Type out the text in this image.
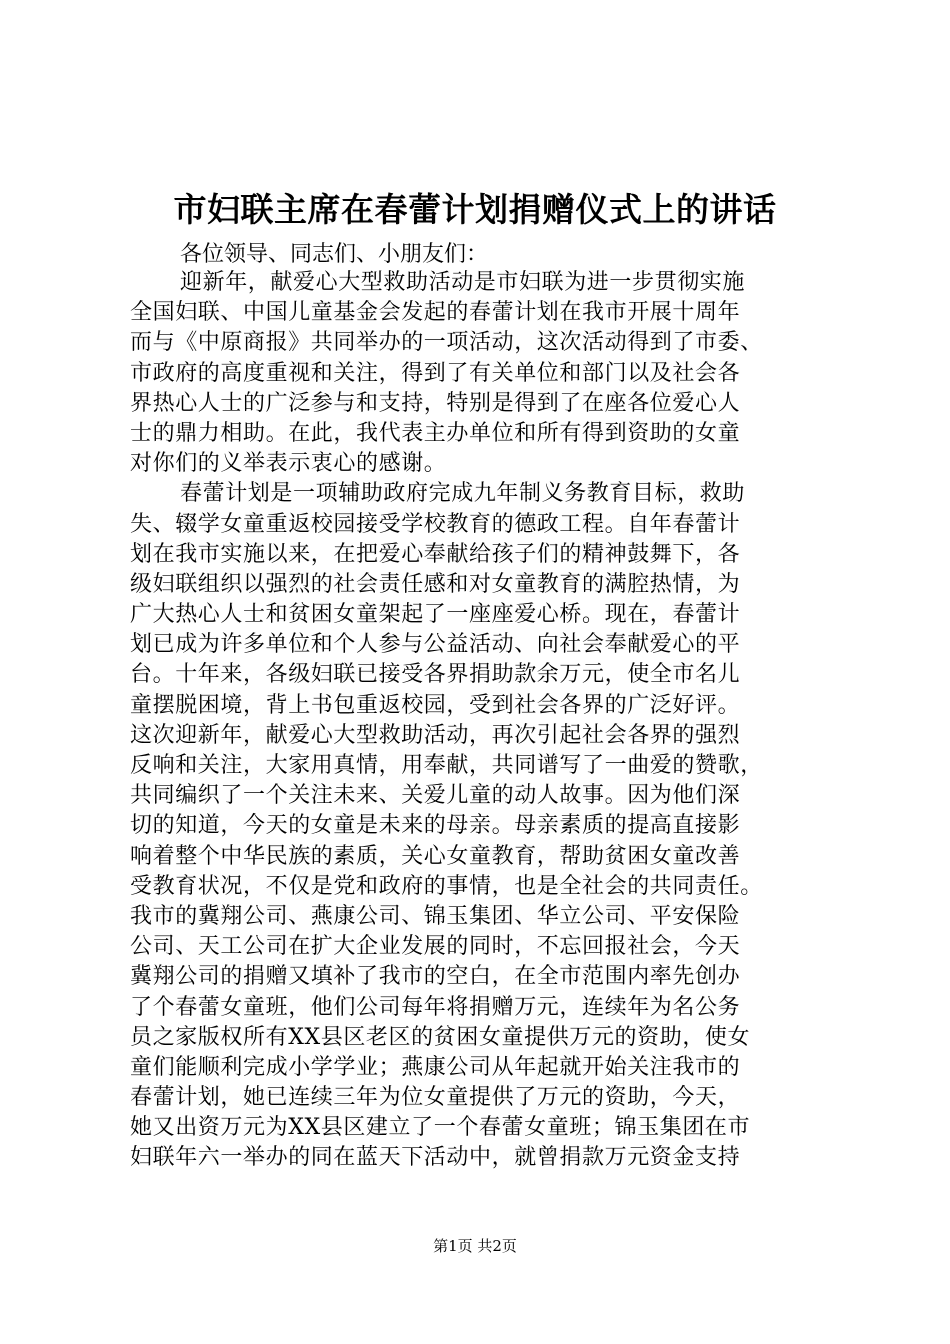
市妇联主席在春蕾计划捐赠仪式上的讲话
各位领导、同志们、小朋友们：
迎新年，献爱心大型救助活动是市妇联为进一步贯彻实施
全国妇联、中国儿童基金会发起的春蕾计划在我市开展十周年
而与《中原商报》共同举办的一项活动，这次活动得到了市委、
市政府的高度重视和关注，得到了有关单位和部门以及社会各
界热心人士的广泛参与和支持，特别是得到了在座各位爱心人
士的鼎力相助。在此，我代表主办单位和所有得到资助的女童
对你们的义举表示衷心的感谢。
春蕾计划是一项辅助政府完成九年制义务教育目标，救助
失、辍学女童重返校园接受学校教育的德政工程。自年春蕾计
划在我市实施以来，在把爱心奉献给孩子们的精神鼓舞下，各
级妇联组织以强烈的社会责任感和对女童教育的满腔热情，为
广大热心人士和贫困女童架起了一座座爱心桥。现在，春蕾计
划已成为许多单位和个人参与公益活动、向社会奉献爱心的平
台。十年来，各级妇联已接受各界捐助款余万元，使全市名儿
童摆脱困境，背上书包重返校园，受到社会各界的广泛好评。
这次迎新年，献爱心大型救助活动，再次引起社会各界的强烈
反响和关注，大家用真情，用奉献，共同谱写了一曲爱的赞歌，
共同编织了一个关注未来、关爱儿童的动人故事。因为他们深
切的知道，今天的女童是未来的母亲。母亲素质的提高直接影
响着整个中华民族的素质，关心女童教育，帮助贫困女童改善
受教育状况，不仅是党和政府的事情，也是全社会的共同责任。
我市的冀翔公司、燕康公司、锦玉集团、华立公司、平安保险
公司、天工公司在扩大企业发展的同时，不忘回报社会，今天
冀翔公司的捐赠又填补了我市的空白，在全市范围内率先创办
了个春蕾女童班，他们公司每年将捐赠万元，连续年为名公务
员之家版权所有XX县区老区的贫困女童提供万元的资助，使女
童们能顺利完成小学学业；燕康公司从年起就开始关注我市的
春蕾计划，她已连续三年为位女童提供了万元的资助，今天，
她又出资万元为XX县区建立了一个春蕾女童班；锦玉集团在市
妇联年六一举办的同在蓝天下活动中，就曾捐款万元资金支持
第1页 共2页
